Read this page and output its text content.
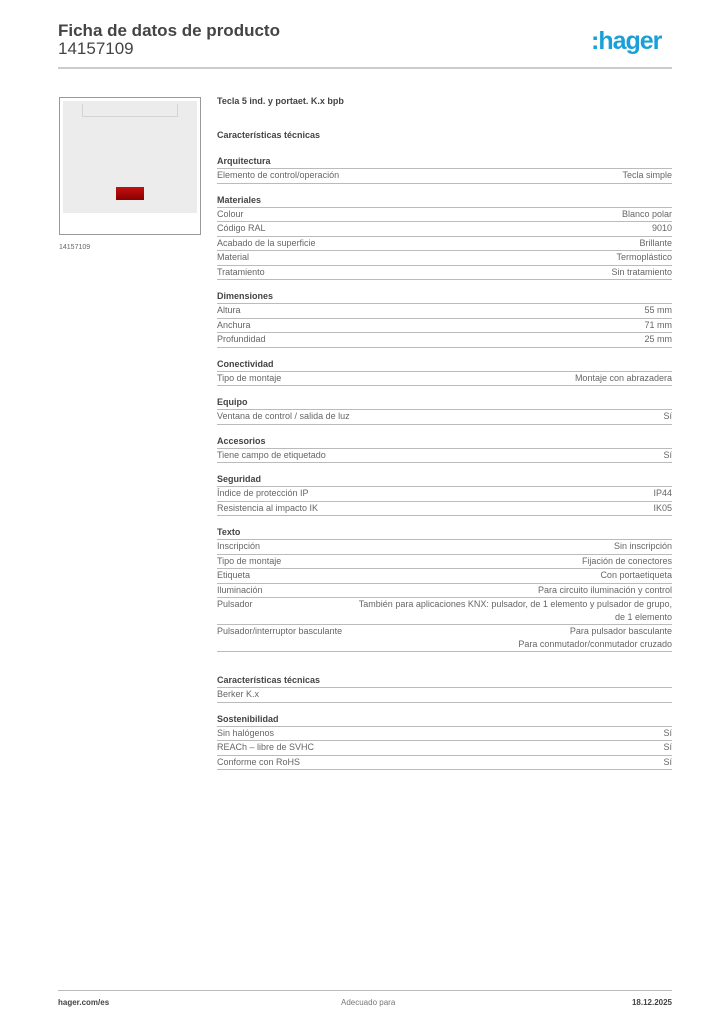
Ficha de datos de producto
14157109	:hager
14157109
Tecla 5 ind. y portaet. K.x bpb
Características técnicas
Arquitectura
Elemento de control/operación	Tecla simple
Materiales
Colour	Blanco polar
Código RAL	9010
Acabado de la superficie	Brillante
Material	Termoplástico
Tratamiento	Sin tratamiento
Dimensiones
Altura	55 mm
Anchura	71 mm
Profundidad	25 mm
Conectividad
Tipo de montaje	Montaje con abrazadera
Equipo
Ventana de control / salida de luz	Sí
Accesorios
Tiene campo de etiquetado	Sí
Seguridad
Índice de protección IP	IP44
Resistencia al impacto IK	IK05
Texto
Inscripción	Sin inscripción
Tipo de montaje	Fijación de conectores
Etiqueta	Con portaetiqueta
Iluminación	Para circuito iluminación y control
Pulsador	También para aplicaciones KNX: pulsador, de 1 elemento y pulsador de grupo, de 1 elemento
Pulsador/interruptor basculante	Para pulsador basculante
Para conmutador/conmutador cruzado
Características técnicas
Berker K.x
Sostenibilidad
Sin halógenos	Sí
REACh – libre de SVHC	Sí
Conforme con RoHS	Sí
hager.com/es	Adecuado para	18.12.2025
